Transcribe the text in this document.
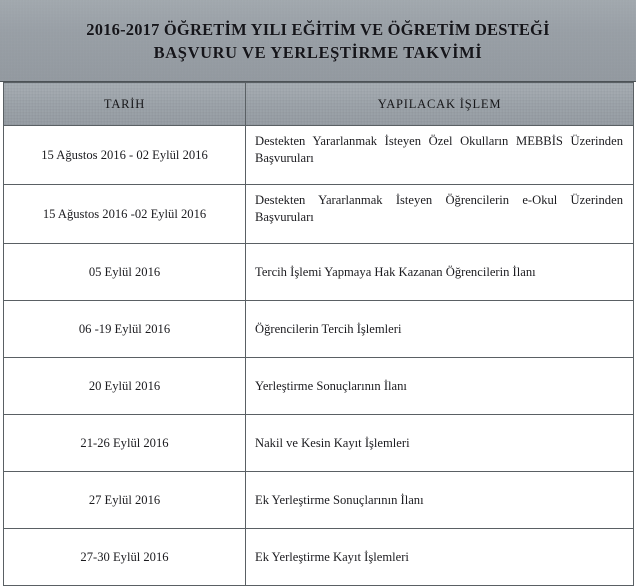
2016-2017 ÖĞRETİM YILI EĞİTİM VE ÖĞRETİM DESTEĞİ
BAŞVURU VE YERLEŞTİRME TAKVİMİ
TARİH	YAPILACAK İŞLEM
15 Ağustos 2016 - 02 Eylül 2016	Destekten Yararlanmak İsteyen Özel Okulların MEBBİS Üzerinden
Başvuruları

15 Ağustos 2016 -02 Eylül 2016	Destekten Yararlanmak İsteyen Öğrencilerin e-Okul Üzerinden
Başvuruları

05 Eylül 2016	Tercih İşlemi Yapmaya Hak Kazanan Öğrencilerin İlanı
06 -19 Eylül 2016	Öğrencilerin Tercih İşlemleri
20 Eylül 2016	Yerleştirme Sonuçlarının İlanı
21-26 Eylül 2016	Nakil ve Kesin Kayıt İşlemleri
27 Eylül 2016	Ek Yerleştirme Sonuçlarının İlanı
27-30 Eylül 2016	Ek Yerleştirme Kayıt İşlemleri
